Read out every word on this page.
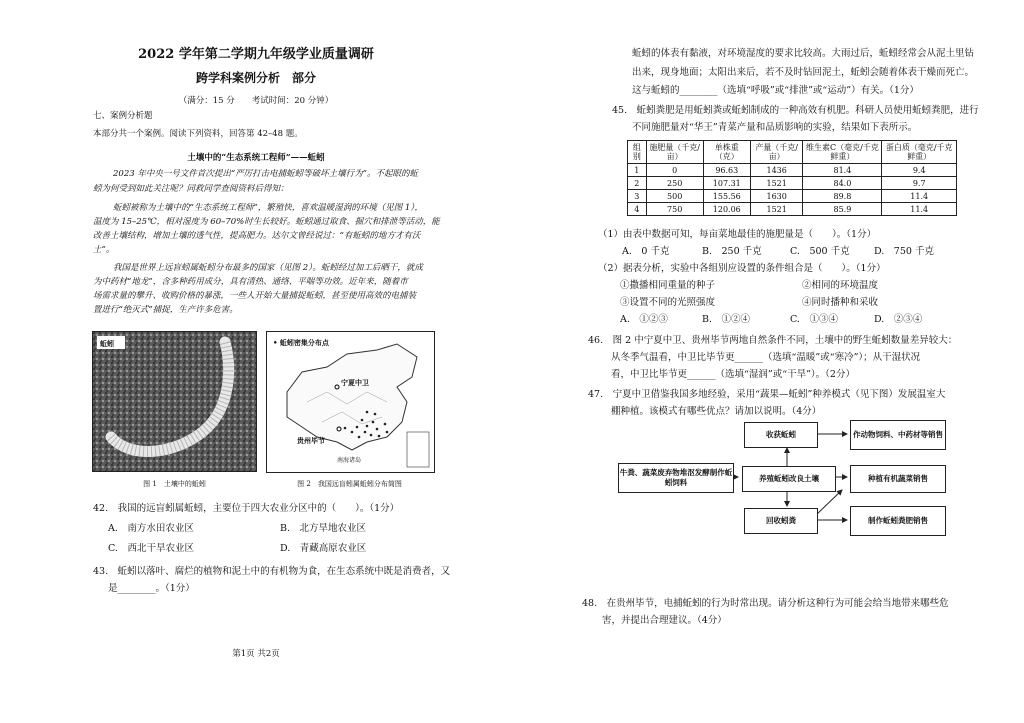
2022 学年第二学期九年级学业质量调研
跨学科案例分析　部分
（满分：15 分　　考试时间：20 分钟）
七、案例分析题
本部分共一个案例。阅读下列资料，回答第 42–48 题。
土壤中的“生态系统工程师”——蚯蚓
2023 年中央一号文件首次提出“严厉打击电捕蚯蚓等破坏土壤行为”。不起眼的蚯
蚓为何受到如此关注呢？同救同学查阅资料后得知：
蚯蚓被称为土壤中的“生态系统工程师”，繁殖快，喜欢温暖湿润的环境（见图 1），
温度为 15–25℃，相对湿度为 60–70%时生长较好。蚯蚓通过取食、掘穴和排泄等活动，能
改善土壤结构，增加土壤的透气性，提高肥力。达尔文曾经说过：“有蚯蚓的地方才有沃
土”。
我国是世界上远盲蚓属蚯蚓分布最多的国家（见图 2）。蚯蚓经过加工后晒干，就成
为中药材“地龙”，含多种药用成分，具有清热、通络、平喘等功效。近年来，随着市
场需求量的攀升、收购价格的暴涨，一些人开始大量捕捉蚯蚓，甚至使用高效的电捕装
置进行“绝灭式”捕捉，生产许多危害。
蚯蚓
图 1　土壤中的蚯蚓
• 蚯蚓密集分布点
宁夏中卫
贵州毕节
南海诸岛
图 2　我国远盲蚓属蚯蚓分布简图
42.　我国的远盲蚓属蚯蚓，主要位于四大农业分区中的（　　）。（1分）
A.　南方水田农业区	B.　北方旱地农业区
C.　西北干旱农业区	D.　青藏高原农业区
43.　蚯蚓以落叶、腐烂的植物和泥土中的有机物为食，在生态系统中既是消费者，又
是________。（1分）
第1页 共2页
蚯蚓的体表有黏液，对环境湿度的要求比较高。大雨过后，蚯蚓经常会从泥土里钻
出来，现身地面；太阳出来后，若不及时钻回泥土，蚯蚓会随着体表干燥而死亡。
这与蚯蚓的________（选填“呼吸”或“排泄”或“运动”）有关。（1分）
45.　蚯蚓粪肥是用蚯蚓粪或蚯蚓制成的一种高效有机肥。科研人员使用蚯蚓粪肥，进行
不同施肥量对“华王”青菜产量和品质影响的实验，结果如下表所示。
组别	施肥量（千克/亩）	单株重（克）	产量（千克/亩）	维生素C（毫克/千克鲜重）	蛋白质（毫克/千克鲜重）
1	0	96.63	1436	81.4	9.4
2	250	107.31	1521	84.0	9.7
3	500	155.56	1630	89.8	11.4
4	750	120.06	1521	85.9	11.4
（1）由表中数据可知，每亩菜地最佳的施肥量是（　　）。（1分）
A.　0 千克	B.　250 千克	C.　500 千克	D.　750 千克
（2）据表分析，实验中各组别应设置的条件组合是（　　）。（1分）
①撒播相同重量的种子	②相同的环境温度
③设置不同的光照强度	④同时播种和采收
A.　①②③	B.　①②④	C.　①③④	D.　②③④
46.　图 2 中宁夏中卫、贵州毕节两地自然条件不同，土壤中的野生蚯蚓数量差异较大：
从冬季气温看，中卫比毕节更______（选填“温暖”或“寒冷”）；从干湿状况
看，中卫比毕节更______（选填“湿润”或“干旱”）。（2分）
47.　宁夏中卫借鉴我国多地经验，采用“蔬果—蚯蚓”种养模式（见下图）发展温室大
棚种植。该模式有哪些优点？请加以说明。（4分）
收获蚯蚓	作动物饲料、中药材等销售
牛粪、蔬菜废弃物堆沤发酵制作蚯蚓饲料	养殖蚯蚓改良土壤	种植有机蔬菜销售
回收蚓粪	制作蚯蚓粪肥销售
48.　在贵州毕节，电捕蚯蚓的行为时常出现。请分析这种行为可能会给当地带来哪些危
害，并提出合理建议。（4分）
